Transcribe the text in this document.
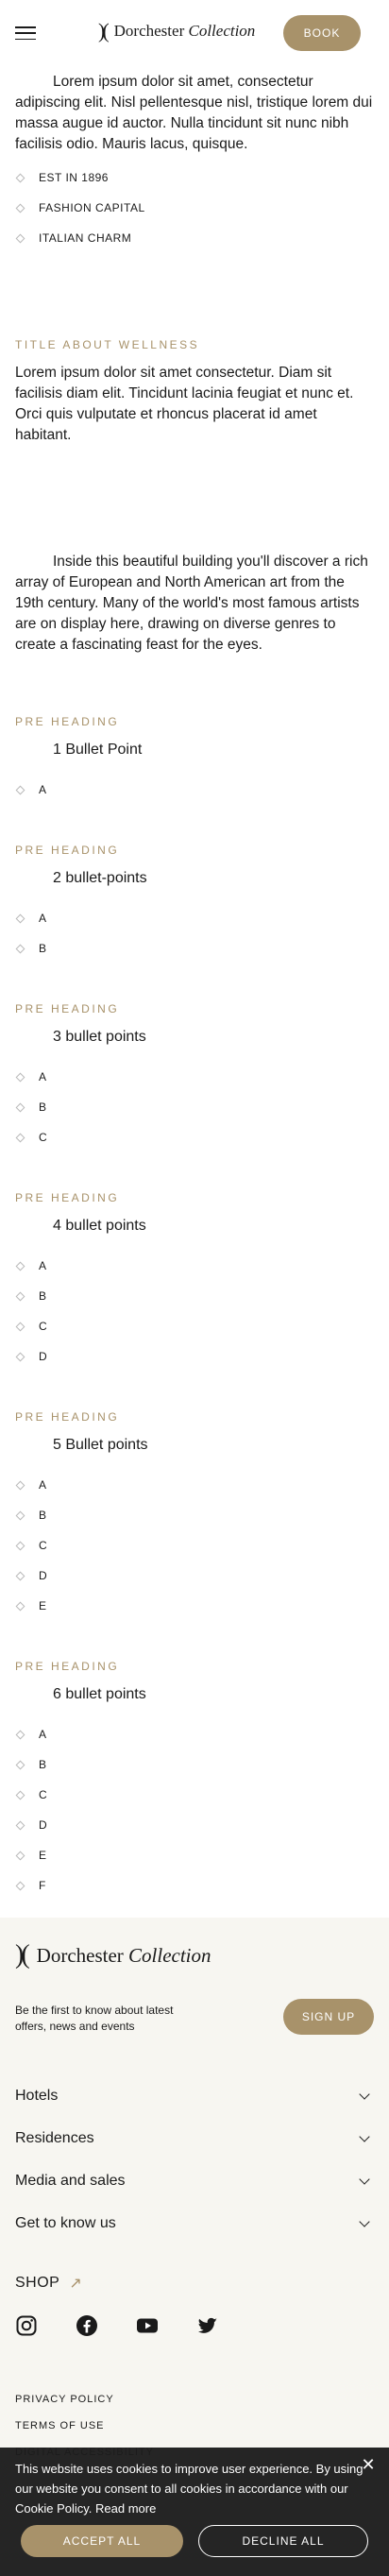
)( Dorchester Collection	BOOK

Lorem ipsum dolor sit amet, consectetur adipiscing elit. Nisl pellentesque nisl, tristique lorem dui massa augue id auctor. Nulla tincidunt sit nunc nibh facilisis odio. Mauris lacus, quisque.

EST IN 1896
FASHION CAPITAL
ITALIAN CHARM
TITLE ABOUT WELLNESS

Lorem ipsum dolor sit amet consectetur. Diam sit facilisis diam elit. Tincidunt lacinia feugiat et nunc et. Orci quis vulputate et rhoncus placerat id amet habitant.

Inside this beautiful building you'll discover a rich array of European and North American art from the 19th century. Many of the world's most famous artists are on display here, drawing on diverse genres to create a fascinating feast for the eyes.

PRE HEADING
1 Bullet Point
A
PRE HEADING
2 bullet-points
A
B
PRE HEADING
3 bullet points
A
B
C
PRE HEADING
4 bullet points
A
B
C
D
PRE HEADING
5 Bullet points
A
B
C
D
E
PRE HEADING
6 bullet points
A
B
C
D
E
F
)( Dorchester Collection
Be the first to know about latest offers, news and events
SIGN UP
Hotels
Residences
Media and sales
Get to know us
SHOP ↗
PRIVACY POLICY
TERMS OF USE
✕
This website uses cookies to improve user experience. By using our website you consent to all cookies in accordance with our Cookie Policy. Read more
ACCEPT ALL	DECLINE ALL
